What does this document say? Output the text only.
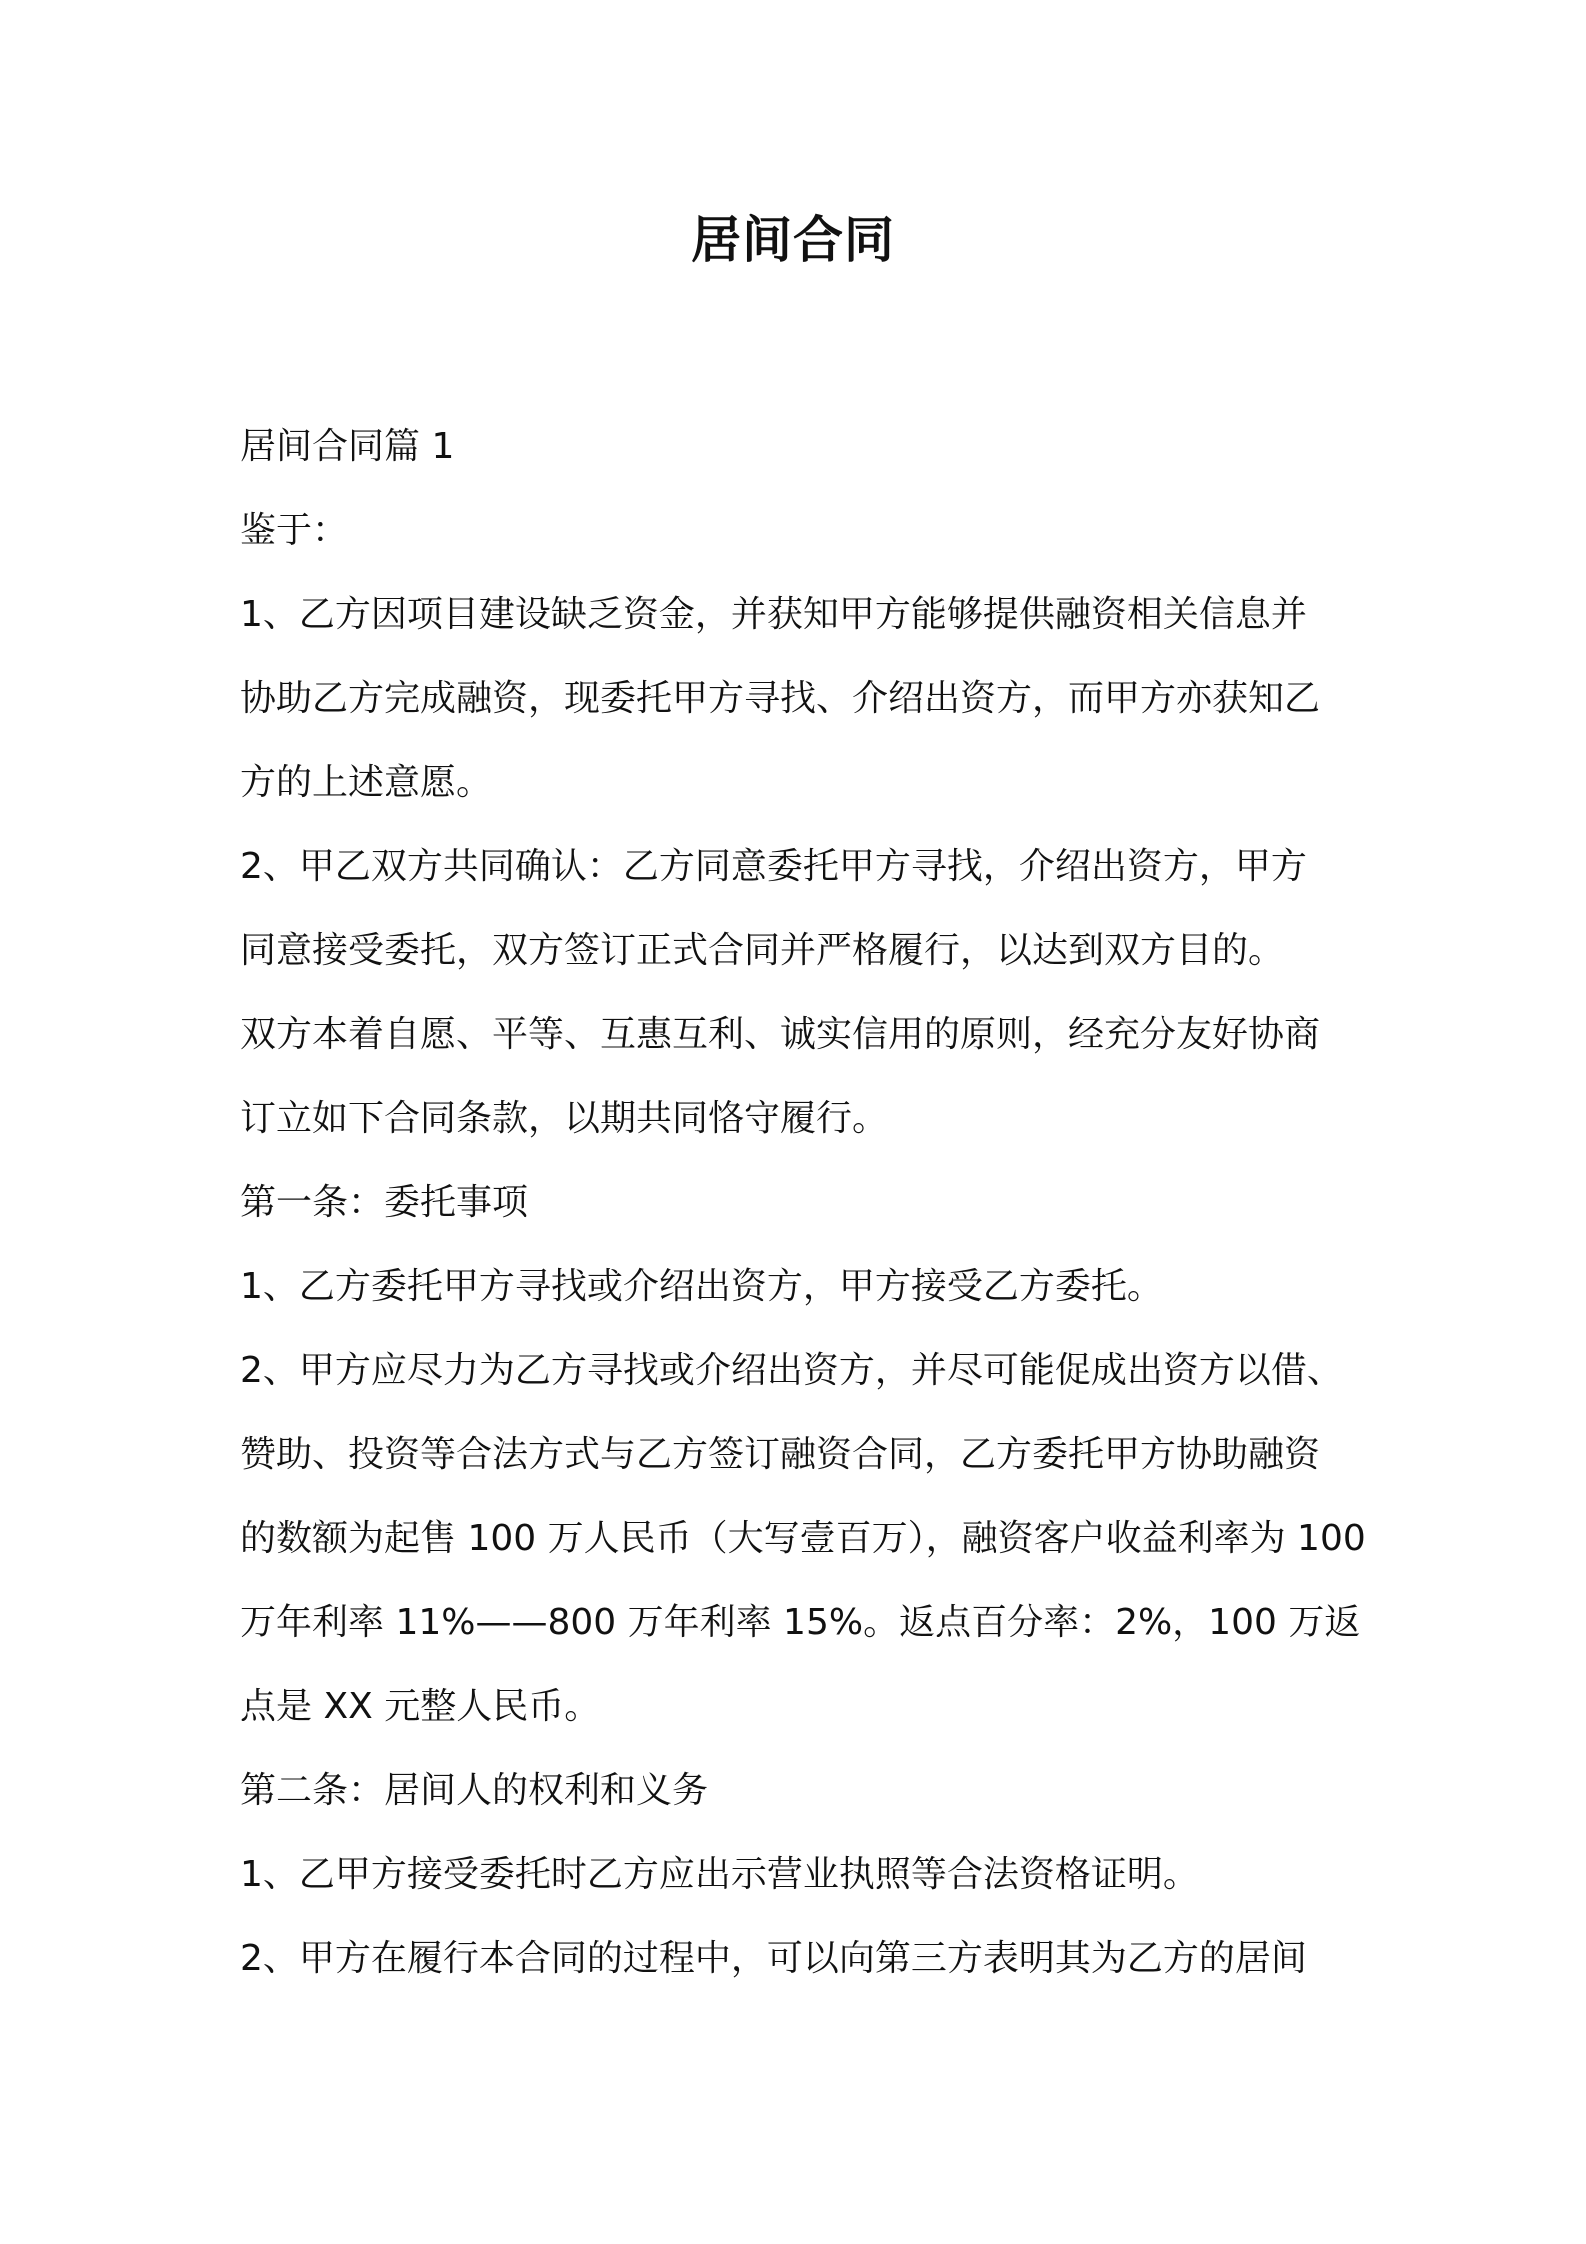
居间合同

居间合同篇 1

鉴于：

1、乙方因项目建设缺乏资金，并获知甲方能够提供融资相关信息并
协助乙方完成融资，现委托甲方寻找、介绍出资方，而甲方亦获知乙
方的上述意愿。

2、甲乙双方共同确认：乙方同意委托甲方寻找，介绍出资方，甲方
同意接受委托，双方签订正式合同并严格履行，以达到双方目的。

双方本着自愿、平等、互惠互利、诚实信用的原则，经充分友好协商
订立如下合同条款，以期共同恪守履行。

第一条：委托事项

1、乙方委托甲方寻找或介绍出资方，甲方接受乙方委托。

2、甲方应尽力为乙方寻找或介绍出资方，并尽可能促成出资方以借、
赞助、投资等合法方式与乙方签订融资合同，乙方委托甲方协助融资
的数额为起售 100 万人民币（大写壹百万），融资客户收益利率为 100
万年利率 11%——800 万年利率 15%。返点百分率：2%，100 万返
点是 XX 元整人民币。

第二条：居间人的权利和义务

1、乙甲方接受委托时乙方应出示营业执照等合法资格证明。

2、甲方在履行本合同的过程中，可以向第三方表明其为乙方的居间
